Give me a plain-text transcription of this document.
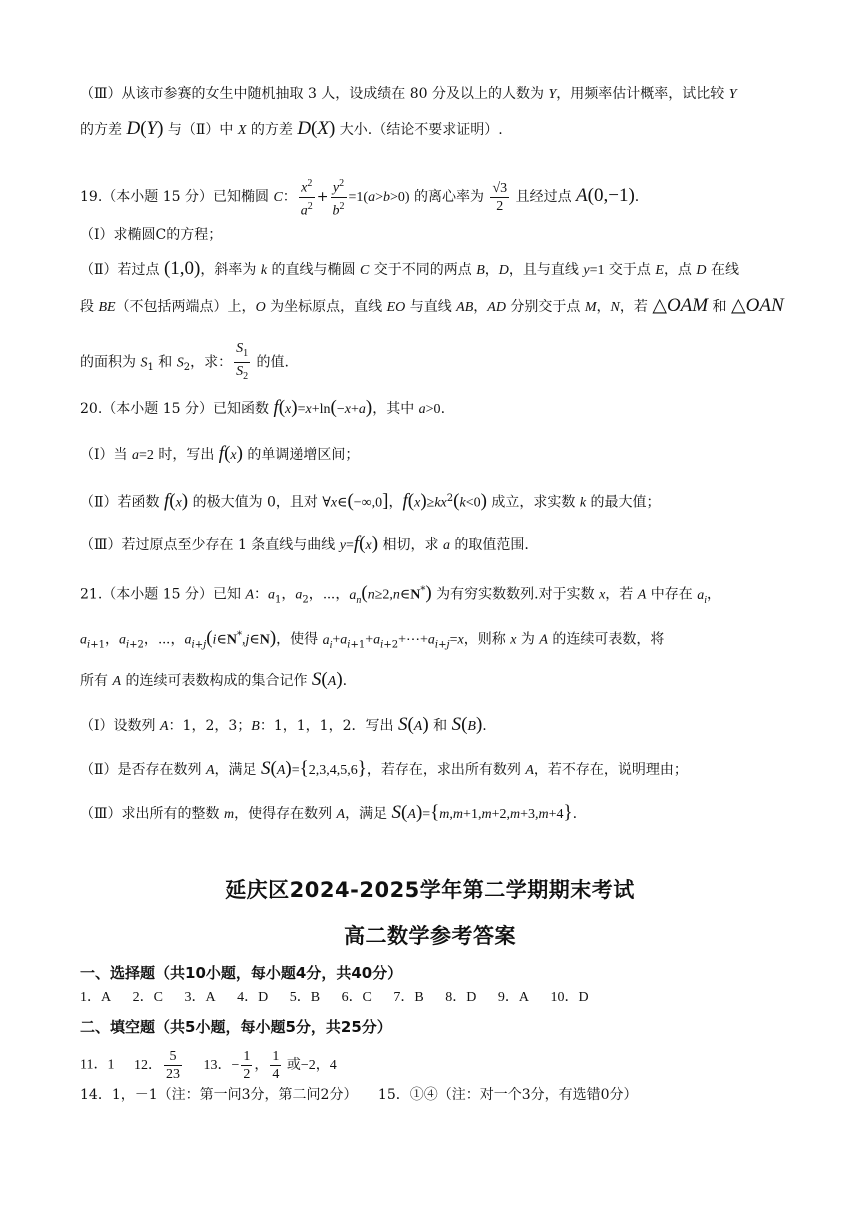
（Ⅲ）从该市参赛的女生中随机抽取 3 人，设成绩在 80 分及以上的人数为 Y，用频率估计概率，试比较 Y
的方差 D(Y) 与（Ⅱ）中 X 的方差 D(X) 大小.（结论不要求证明）.
19.（本小题 15 分）已知椭圆 C： $\frac{x^2}{a^2} + \frac{y^2}{b^2} =1(a>b>0)$ 的离心率为 $\frac{√3}{2}$ 且经过点 A(0,−1).
（Ⅰ）求椭圆C的方程；
（Ⅱ）若过点 (1,0)，斜率为 k 的直线与椭圆 C 交于不同的两点 B，D，且与直线 y=1 交于点 E，点 D 在线
段 BE（不包括两端点）上，O 为坐标原点，直线 EO 与直线 AB，AD 分别交于点 M，N，若 △OAM 和 △OAN
的面积为 $S_1$ 和 $S_2$，求： $\frac{S_1}{S_2}$ 的值.
20.（本小题 15 分）已知函数 f(x)=x+ln(−x+a)，其中 a>0.
（Ⅰ）当 a=2 时，写出 f(x) 的单调递增区间；
（Ⅱ）若函数 f(x) 的极大值为 0，且对 ∀x∈(−∞,0]，$f(x)\ge kx^2(k<0)$ 成立，求实数 k 的最大值；
（Ⅲ）若过原点至少存在 1 条直线与曲线 y=f(x) 相切，求 a 的取值范围.
21.（本小题 15 分）已知 A：$a_1$，$a_2$，⋯，$a_n(n\ge 2,n\in N^*)$ 为有穷实数数列.对于实数 x，若 A 中存在 $a_i$，
$a_{i+1}$，$a_{i+2}$，⋯，$a_{i+j}(i\in N^*,j\in N)$，使得 $a_i+a_{i+1}+a_{i+2}+\cdots+a_{i+j}=x$，则称 x 为 A 的连续可表数，将
所有 A 的连续可表数构成的集合记作 S(A).
（Ⅰ）设数列 A：1，2，3；B：1，1，1，2．写出 S(A) 和 S(B).
（Ⅱ）是否存在数列 A，满足 S(A)={2,3,4,5,6}，若存在，求出所有数列 A，若不存在，说明理由；
（Ⅲ）求出所有的整数 m，使得存在数列 A，满足 S(A)={m,m+1,m+2,m+3,m+4}.
延庆区2024-2025学年第二学期期末考试
高二数学参考答案
一、选择题（共10小题，每小题4分，共40分）
1．A 2．C 3．A 4．D 5．B 6．C 7．B 8．D 9．A 10．D
二、填空题（共5小题，每小题5分，共25分）
11．1 12． $\frac{5}{23} 13$．− $\frac{1}{2}$ ， $\frac{1}{4}$ 或−2，4
14．1，－1（注：第一问3分，第二问2分） 15．①④（注：对一个3分，有选错0分）
